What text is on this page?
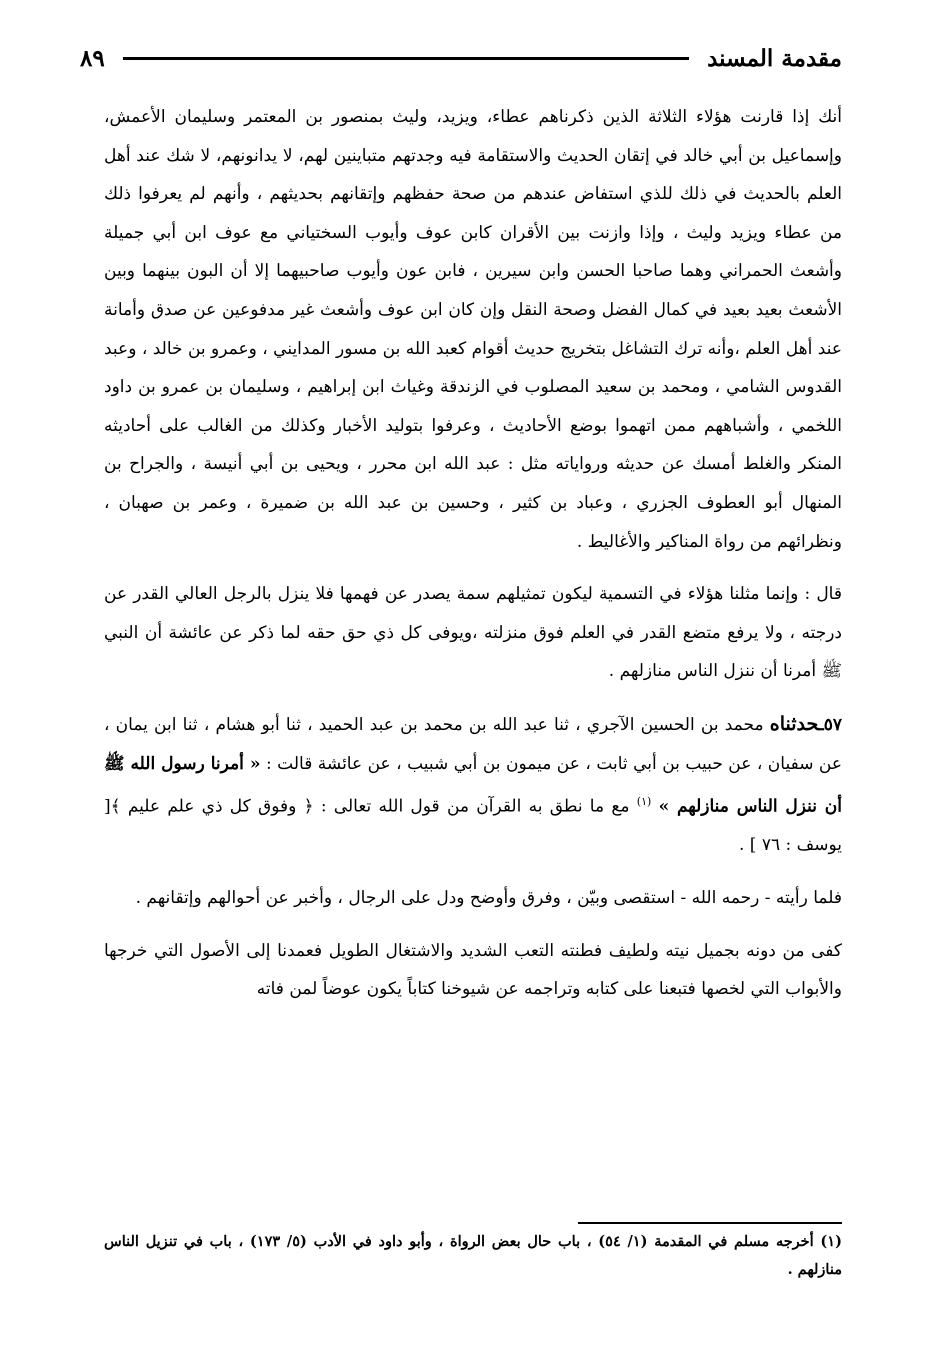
مقدمة المسند
٨٩

أنك إذا قارنت هؤلاء الثلاثة الذين ذكرناهم عطاء، ويزيد، وليث بمنصور بن المعتمر وسليمان الأعمش، وإسماعيل بن أبي خالد في إتقان الحديث والاستقامة فيه وجدتهم متباينين لهم، لا يدانونهم، لا شك عند أهل العلم بالحديث في ذلك للذي استفاض عندهم من صحة حفظهم وإتقانهم بحديثهم ، وأنهم لم يعرفوا ذلك من عطاء ويزيد وليث ، وإذا وازنت بين الأقران كابن عوف وأيوب السختياني مع عوف ابن أبي جميلة وأشعث الحمراني وهما صاحبا الحسن وابن سيرين ، فابن عون وأيوب صاحبيهما إلا أن البون بينهما وبين الأشعث بعيد بعيد في كمال الفضل وصحة النقل وإن كان ابن عوف وأشعث غير مدفوعين عن صدق وأمانة عند أهل العلم ،وأنه ترك التشاغل بتخريج حديث أقوام كعبد الله بن مسور المدايني ، وعمرو بن خالد ، وعبد القدوس الشامي ، ومحمد بن سعيد المصلوب في الزندقة وغياث ابن إبراهيم ، وسليمان بن عمرو بن داود اللخمي ، وأشباههم ممن اتهموا بوضع الأحاديث ، وعرفوا بتوليد الأخبار وكذلك من الغالب على أحاديثه المنكر والغلط أمسك عن حديثه ورواياته مثل : عبد الله ابن محرر ، ويحيى بن أبي أنيسة ، والجراح بن المنهال أبو العطوف الجزري ، وعباد بن كثير ، وحسين بن عبد الله بن ضميرة ، وعمر بن صهبان ، ونظرائهم من رواة المناكير والأغاليط .

قال : وإنما مثلنا هؤلاء في التسمية ليكون تمثيلهم سمة يصدر عن فهمها فلا ينزل بالرجل العالي القدر عن درجته ، ولا يرفع متضع القدر في العلم فوق منزلته ،ويوفى كل ذي حق حقه لما ذكر عن عائشة أن النبي ﷺ أمرنا أن ننزل الناس منازلهم .

٥٧ـحدثناه محمد بن الحسين الآجري ، ثنا عبد الله بن محمد بن عبد الحميد ، ثنا أبو هشام ، ثنا ابن يمان ، عن سفيان ، عن حبيب بن أبي ثابت ، عن ميمون بن أبي شبيب ، عن عائشة قالت : « أمرنا رسول الله ﷺ أن ننزل الناس منازلهم » $^{(١)}$ مع ما نطق به القرآن من قول الله تعالى : ﴿ وفوق كل ذي علم عليم ﴾[ يوسف : ٧٦ ] .

فلما رأيته - رحمه الله - استقصى وبيّن ، وفرق وأوضح ودل على الرجال ، وأخبر عن أحوالهم وإتقانهم .

كفى من دونه بجميل نيته ولطيف فطنته التعب الشديد والاشتغال الطويل فعمدنا إلى الأصول التي خرجها والأبواب التي لخصها فتبعنا على كتابه وتراجمه عن شيوخنا كتاباً يكون عوضاً لمن فاته

(١) أخرجه مسلم في المقدمة (١/ ٥٤) ، باب حال بعض الرواة ، وأبو داود في الأدب (٥/ ١٧٣) ، باب في تنزيل الناس منازلهم .
